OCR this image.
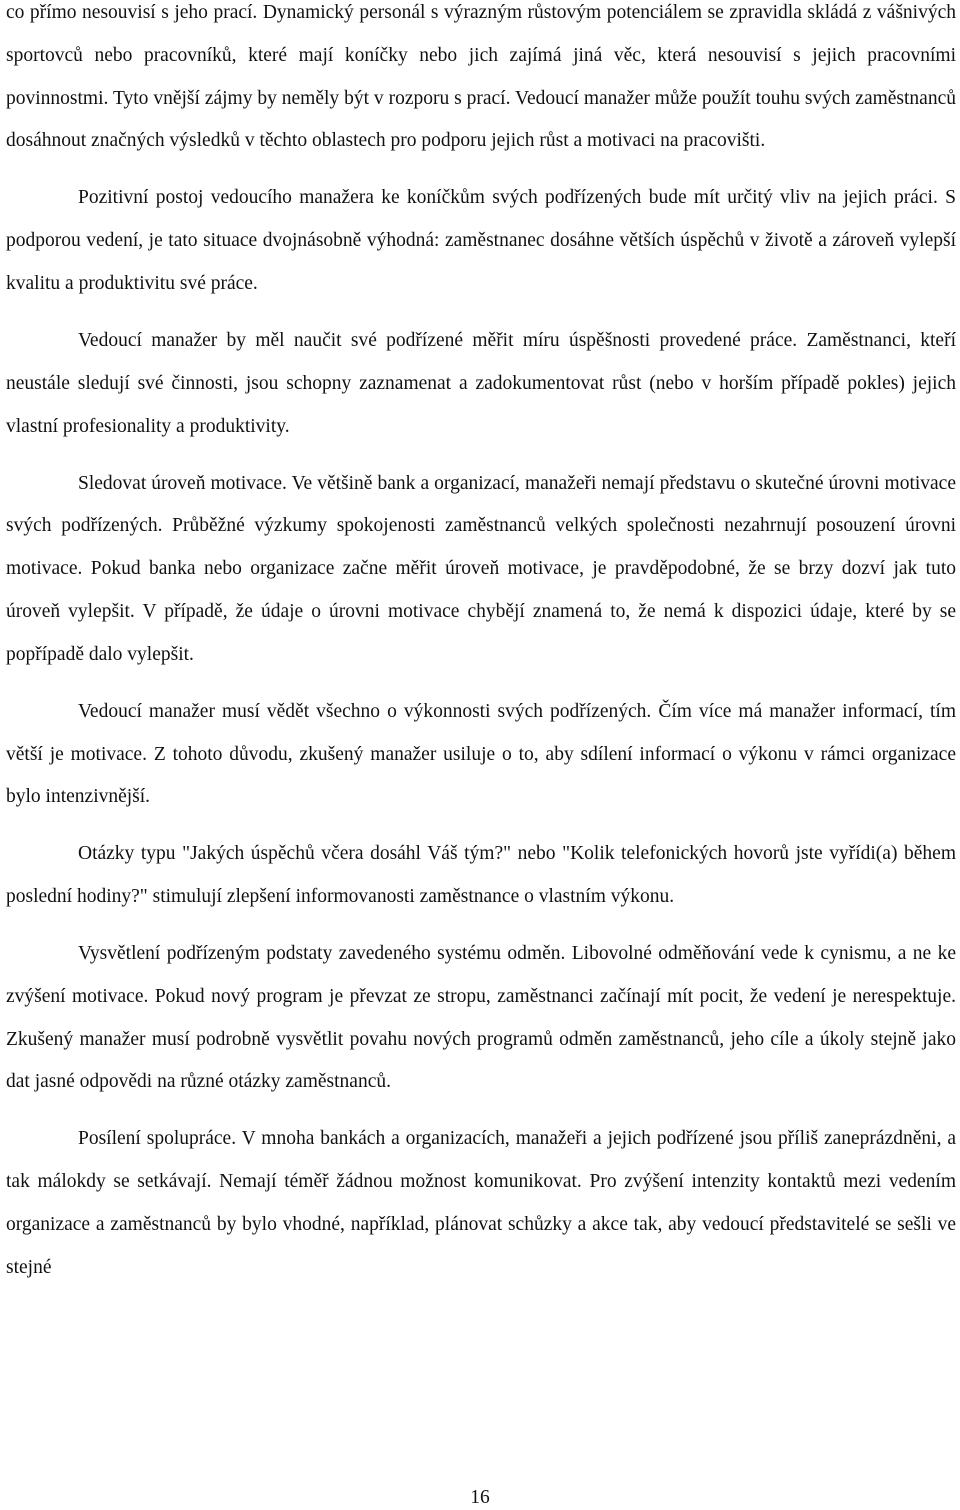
co přímo nesouvisí s jeho prací. Dynamický personál s výrazným růstovým potenciálem se zpravidla skládá z vášnivých sportovců nebo pracovníků, které mají koníčky nebo jich zajímá jiná věc, která nesouvisí s jejich pracovními povinnostmi. Tyto vnější zájmy by neměly být v rozporu s prací. Vedoucí manažer může použít touhu svých zaměstnanců dosáhnout značných výsledků v těchto oblastech pro podporu jejich růst a motivaci na pracovišti.

Pozitivní postoj vedoucího manažera ke koníčkům svých podřízených bude mít určitý vliv na jejich práci. S podporou vedení, je tato situace dvojnásobně výhodná: zaměstnanec dosáhne větších úspěchů v životě a zároveň vylepší kvalitu a produktivitu své práce.

Vedoucí manažer by měl naučit své podřízené měřit míru úspěšnosti provedené práce. Zaměstnanci, kteří neustále sledují své činnosti, jsou schopny zaznamenat a zadokumentovat růst (nebo v horším případě pokles) jejich vlastní profesionality a produktivity.

Sledovat úroveň motivace. Ve většině bank a organizací, manažeři nemají představu o skutečné úrovni motivace svých podřízených. Průběžné výzkumy spokojenosti zaměstnanců velkých společnosti nezahrnují posouzení úrovni motivace. Pokud banka nebo organizace začne měřit úroveň motivace, je pravděpodobné, že se brzy dozví jak tuto úroveň vylepšit. V případě, že údaje o úrovni motivace chybějí znamená to, že nemá k dispozici údaje, které by se popřípadě dalo vylepšit.

Vedoucí manažer musí vědět všechno o výkonnosti svých podřízených. Čím více má manažer informací, tím větší je motivace. Z tohoto důvodu, zkušený manažer usiluje o to, aby sdílení informací o výkonu v rámci organizace bylo intenzivnější.

Otázky typu "Jakých úspěchů včera dosáhl Váš tým?" nebo "Kolik telefonických hovorů jste vyřídi(a) během poslední hodiny?" stimulují zlepšení informovanosti zaměstnance o vlastním výkonu.

Vysvětlení podřízeným podstaty zavedeného systému odměn. Libovolné odměňování vede k cynismu, a ne ke zvýšení motivace. Pokud nový program je převzat ze stropu, zaměstnanci začínají mít pocit, že vedení je nerespektuje. Zkušený manažer musí podrobně vysvětlit povahu nových programů odměn zaměstnanců, jeho cíle a úkoly stejně jako dat jasné odpovědi na různé otázky zaměstnanců.

Posílení spolupráce. V mnoha bankách a organizacích, manažeři a jejich podřízené jsou příliš zaneprázdněni, a tak málokdy se setkávají. Nemají téměř žádnou možnost komunikovat. Pro zvýšení intenzity kontaktů mezi vedením organizace a zaměstnanců by bylo vhodné, například, plánovat schůzky a akce tak, aby vedoucí představitelé se sešli ve stejné

16
